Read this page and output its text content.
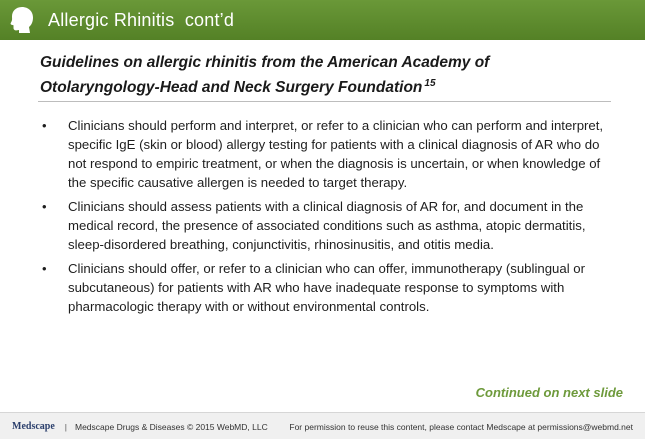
Allergic Rhinitis  cont’d
Guidelines on allergic rhinitis from the American Academy of Otolaryngology-Head and Neck Surgery Foundation $^{15}$
• Clinicians should perform and interpret, or refer to a clinician who can perform and interpret, specific IgE (skin or blood) allergy testing for patients with a clinical diagnosis of AR who do not respond to empiric treatment, or when the diagnosis is uncertain, or when knowledge of the specific causative allergen is needed to target therapy.
• Clinicians should assess patients with a clinical diagnosis of AR for, and document in the medical record, the presence of associated conditions such as asthma, atopic dermatitis, sleep-disordered breathing, conjunctivitis, rhinosinusitis, and otitis media.
• Clinicians should offer, or refer to a clinician who can offer, immunotherapy (sublingual or subcutaneous) for patients with AR who have inadequate response to symptoms with pharmacologic therapy with or without environmental controls.
Continued on next slide
Medscape | Medscape Drugs & Diseases © 2015 WebMD, LLC	For permission to reuse this content, please contact Medscape at permissions@webmd.net
